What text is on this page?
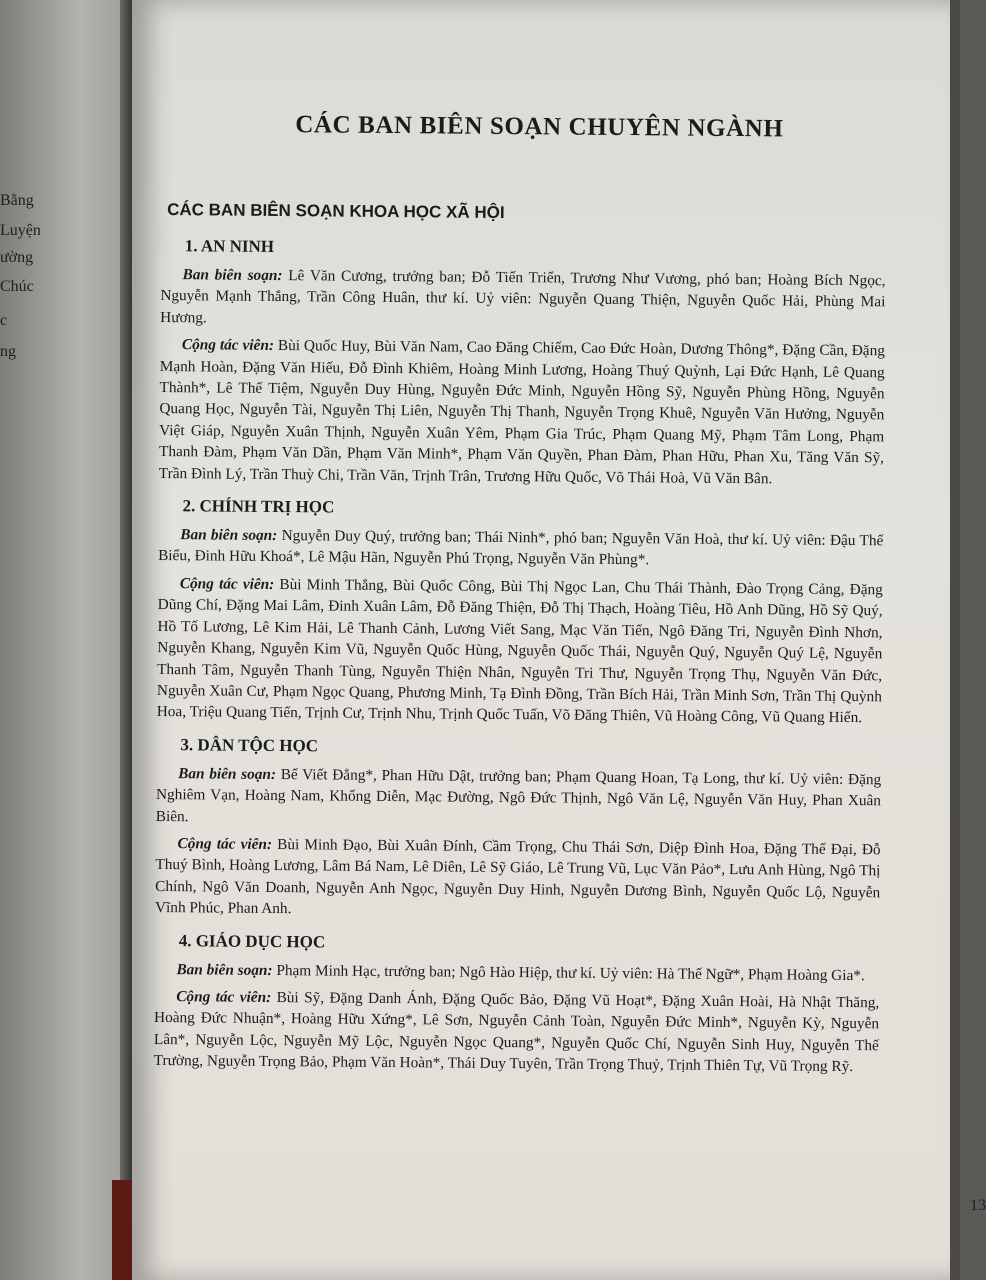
Bằng
Luyện
ường
Chúc
c
ng
CÁC BAN BIÊN SOẠN CHUYÊN NGÀNH
CÁC BAN BIÊN SOẠN KHOA HỌC XÃ HỘI
1. AN NINH

Ban biên soạn: Lê Văn Cương, trưởng ban; Đỗ Tiến Triển, Trương Như Vương, phó ban; Hoàng Bích Ngọc, Nguyễn Mạnh Thắng, Trần Công Huân, thư kí. Uỷ viên: Nguyễn Quang Thiện, Nguyễn Quốc Hải, Phùng Mai Hương.

Cộng tác viên: Bùi Quốc Huy, Bùi Văn Nam, Cao Đăng Chiếm, Cao Đức Hoàn, Dương Thông*, Đặng Cần, Đặng Mạnh Hoàn, Đặng Văn Hiếu, Đỗ Đình Khiêm, Hoàng Minh Lương, Hoàng Thuý Quỳnh, Lại Đức Hạnh, Lê Quang Thành*, Lê Thế Tiệm, Nguyễn Duy Hùng, Nguyễn Đức Minh, Nguyễn Hồng Sỹ, Nguyễn Phùng Hồng, Nguyễn Quang Học, Nguyễn Tài, Nguyễn Thị Liên, Nguyễn Thị Thanh, Nguyễn Trọng Khuê, Nguyễn Văn Hưởng, Nguyễn Việt Giáp, Nguyễn Xuân Thịnh, Nguyễn Xuân Yêm, Phạm Gia Trúc, Phạm Quang Mỹ, Phạm Tâm Long, Phạm Thanh Đàm, Phạm Văn Dần, Phạm Văn Minh*, Phạm Văn Quyền, Phan Đàm, Phan Hữu, Phan Xu, Tăng Văn Sỹ, Trần Đình Lý, Trần Thuỳ Chi, Trần Văn, Trịnh Trân, Trương Hữu Quốc, Võ Thái Hoà, Vũ Văn Bân.

2. CHÍNH TRỊ HỌC

Ban biên soạn: Nguyễn Duy Quý, trưởng ban; Thái Ninh*, phó ban; Nguyễn Văn Hoà, thư kí. Uỷ viên: Đậu Thế Biểu, Đinh Hữu Khoá*, Lê Mậu Hãn, Nguyễn Phú Trọng, Nguyễn Văn Phùng*.

Cộng tác viên: Bùi Minh Thắng, Bùi Quốc Công, Bùi Thị Ngọc Lan, Chu Thái Thành, Đào Trọng Cảng, Đặng Dũng Chí, Đặng Mai Lâm, Đinh Xuân Lâm, Đỗ Đăng Thiện, Đỗ Thị Thạch, Hoàng Tiêu, Hồ Anh Dũng, Hồ Sỹ Quý, Hồ Tố Lương, Lê Kim Hải, Lê Thanh Cảnh, Lương Viết Sang, Mạc Văn Tiến, Ngô Đăng Tri, Nguyễn Đình Nhơn, Nguyễn Khang, Nguyễn Kim Vũ, Nguyễn Quốc Hùng, Nguyễn Quốc Thái, Nguyễn Quý, Nguyễn Quý Lệ, Nguyễn Thanh Tâm, Nguyễn Thanh Tùng, Nguyễn Thiện Nhân, Nguyễn Tri Thư, Nguyễn Trọng Thụ, Nguyễn Văn Đức, Nguyễn Xuân Cư, Phạm Ngọc Quang, Phương Minh, Tạ Đình Đồng, Trần Bích Hải, Trần Minh Sơn, Trần Thị Quỳnh Hoa, Triệu Quang Tiến, Trịnh Cư, Trịnh Nhu, Trịnh Quốc Tuấn, Võ Đăng Thiên, Vũ Hoàng Công, Vũ Quang Hiển.

3. DÂN TỘC HỌC

Ban biên soạn: Bế Viết Đẳng*, Phan Hữu Dật, trưởng ban; Phạm Quang Hoan, Tạ Long, thư kí. Uỷ viên: Đặng Nghiêm Vạn, Hoàng Nam, Khổng Diễn, Mạc Đường, Ngô Đức Thịnh, Ngô Văn Lệ, Nguyễn Văn Huy, Phan Xuân Biên.

Cộng tác viên: Bùi Minh Đạo, Bùi Xuân Đính, Cầm Trọng, Chu Thái Sơn, Diệp Đình Hoa, Đặng Thế Đại, Đỗ Thuý Bình, Hoàng Lương, Lâm Bá Nam, Lê Diên, Lê Sỹ Giáo, Lê Trung Vũ, Lục Văn Pảo*, Lưu Anh Hùng, Ngô Thị Chính, Ngô Văn Doanh, Nguyễn Anh Ngọc, Nguyễn Duy Hinh, Nguyễn Dương Bình, Nguyễn Quốc Lộ, Nguyễn Vĩnh Phúc, Phan Anh.

4. GIÁO DỤC HỌC

Ban biên soạn: Phạm Minh Hạc, trưởng ban; Ngô Hào Hiệp, thư kí. Uỷ viên: Hà Thế Ngữ*, Phạm Hoàng Gia*.

Cộng tác viên: Bùi Sỹ, Đặng Danh Ánh, Đặng Quốc Bảo, Đặng Vũ Hoạt*, Đặng Xuân Hoài, Hà Nhật Thăng, Hoàng Đức Nhuận*, Hoàng Hữu Xứng*, Lê Sơn, Nguyễn Cảnh Toàn, Nguyễn Đức Minh*, Nguyễn Kỳ, Nguyễn Lân*, Nguyễn Lộc, Nguyễn Mỹ Lộc, Nguyễn Ngọc Quang*, Nguyễn Quốc Chí, Nguyễn Sinh Huy, Nguyễn Thế Trường, Nguyễn Trọng Bảo, Phạm Văn Hoàn*, Thái Duy Tuyên, Trần Trọng Thuỷ, Trịnh Thiên Tự, Vũ Trọng Rỹ.

13
